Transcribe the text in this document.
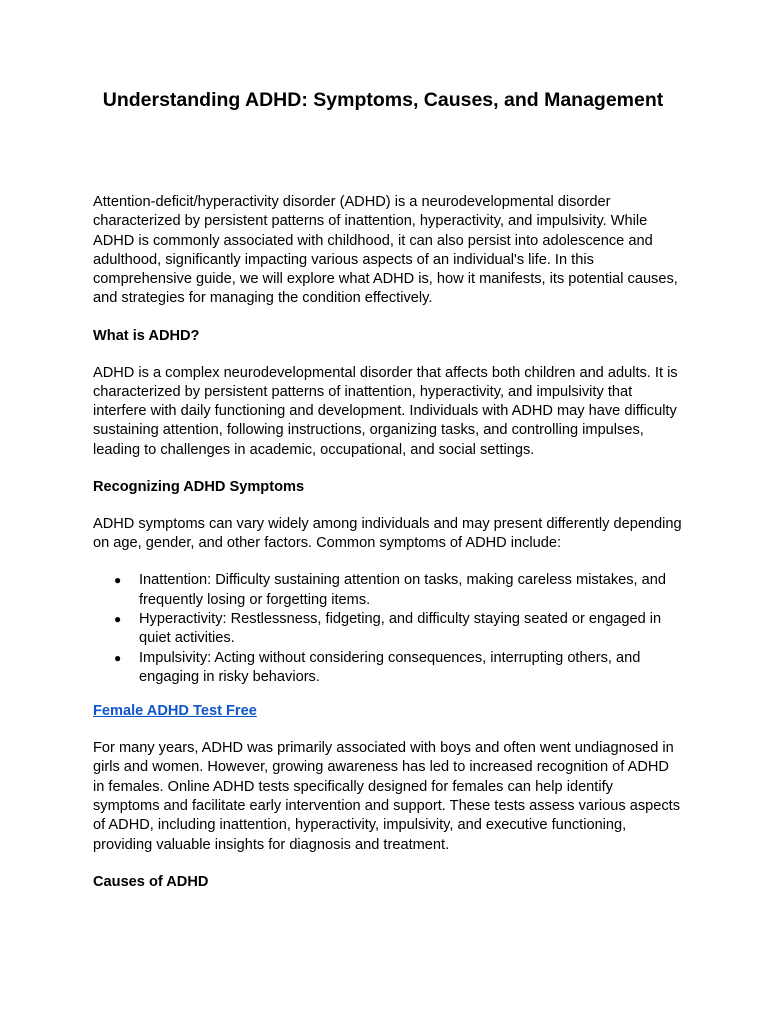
Understanding ADHD: Symptoms, Causes, and Management

Attention-deficit/hyperactivity disorder (ADHD) is a neurodevelopmental disorder characterized by persistent patterns of inattention, hyperactivity, and impulsivity. While ADHD is commonly associated with childhood, it can also persist into adolescence and adulthood, significantly impacting various aspects of an individual's life. In this comprehensive guide, we will explore what ADHD is, how it manifests, its potential causes, and strategies for managing the condition effectively.

What is ADHD?

ADHD is a complex neurodevelopmental disorder that affects both children and adults. It is characterized by persistent patterns of inattention, hyperactivity, and impulsivity that interfere with daily functioning and development. Individuals with ADHD may have difficulty sustaining attention, following instructions, organizing tasks, and controlling impulses, leading to challenges in academic, occupational, and social settings.

Recognizing ADHD Symptoms

ADHD symptoms can vary widely among individuals and may present differently depending on age, gender, and other factors. Common symptoms of ADHD include:

● Inattention: Difficulty sustaining attention on tasks, making careless mistakes, and frequently losing or forgetting items.
● Hyperactivity: Restlessness, fidgeting, and difficulty staying seated or engaged in quiet activities.
● Impulsivity: Acting without considering consequences, interrupting others, and engaging in risky behaviors.
Female ADHD Test Free

For many years, ADHD was primarily associated with boys and often went undiagnosed in girls and women. However, growing awareness has led to increased recognition of ADHD in females. Online ADHD tests specifically designed for females can help identify symptoms and facilitate early intervention and support. These tests assess various aspects of ADHD, including inattention, hyperactivity, impulsivity, and executive functioning, providing valuable insights for diagnosis and treatment.

Causes of ADHD
